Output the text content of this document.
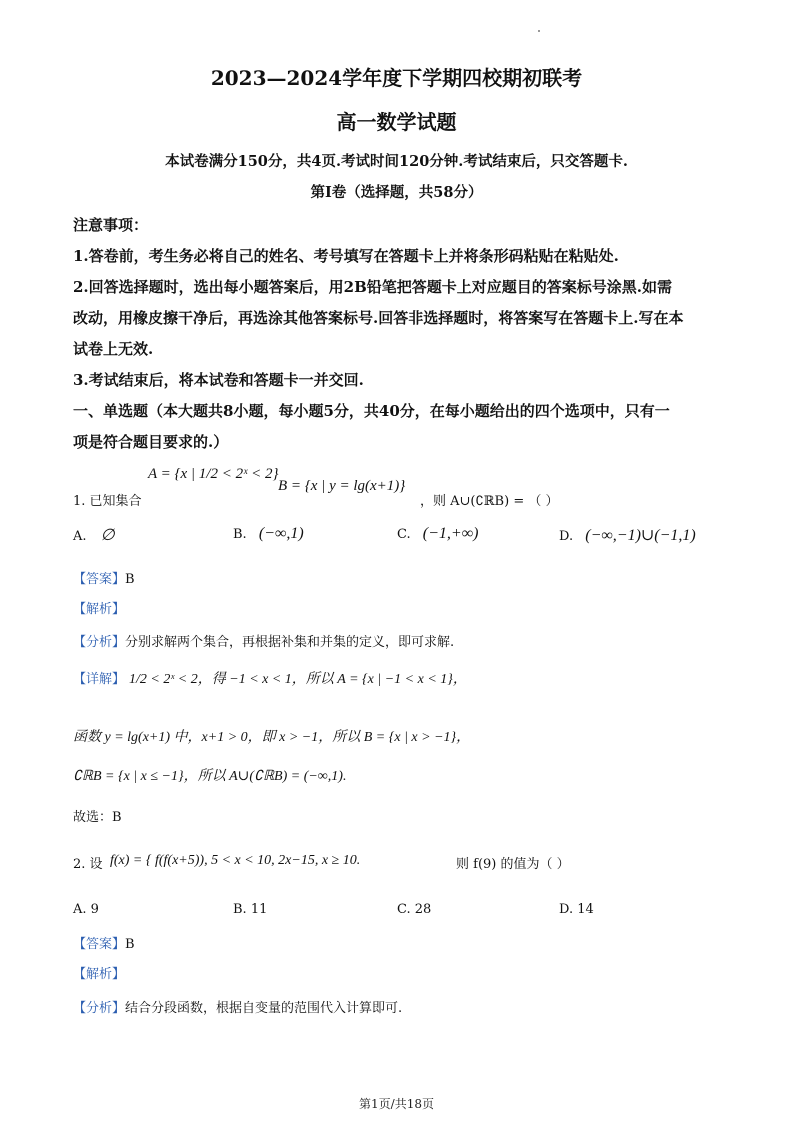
2023—2024学年度下学期四校期初联考
高一数学试题
本试卷满分150分，共4页.考试时间120分钟.考试结束后，只交答题卡.
第I卷（选择题，共58分）
注意事项：
1.答卷前，考生务必将自己的姓名、考号填写在答题卡上并将条形码粘贴在粘贴处.
2.回答选择题时，选出每小题答案后，用2B铅笔把答题卡上对应题目的答案标号涂黑.如需
改动，用橡皮擦干净后，再选涂其他答案标号.回答非选择题时，将答案写在答题卡上.写在本
试卷上无效.
3.考试结束后，将本试卷和答题卡一并交回.
一、单选题（本大题共8小题，每小题5分，共40分，在每小题给出的四个选项中，只有一
项是符合题目要求的.）
1. 已知集合
A = {x | 1/2 < 2ˣ < 2}
B = {x | y = lg(x+1)}
，则 A∪(∁ℝB) = （ ）
A. ∅	B. (−∞,1)	C. (−1,+∞)	D. (−∞,−1)∪(−1,1)
【答案】B
【解析】
【分析】分别求解两个集合，再根据补集和并集的定义，即可求解.
【详解】 1/2 < 2ˣ < 2，得 −1 < x < 1，所以 A = {x | −1 < x < 1}，
函数 y = lg(x+1) 中，x+1 > 0，即 x > −1，所以 B = {x | x > −1}，
∁ℝB = {x | x ≤ −1}，所以 A∪(∁ℝB) = (−∞,1).
故选：B
2. 设 f(x) = { f(f(x+5)), 5 < x < 10, 2x−15, x ≥ 10.	则 f(9) 的值为（ ）
A. 9	B. 11	C. 28	D. 14
【答案】B
【解析】
【分析】结合分段函数，根据自变量的范围代入计算即可.
第1页/共18页
